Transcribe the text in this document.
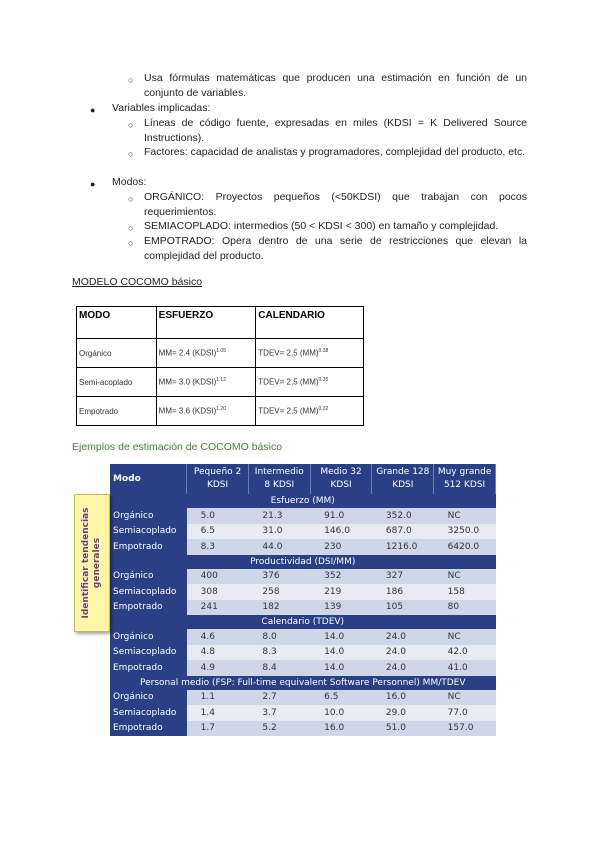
○ Usa fórmulas matemáticas que producen una estimación en función de un conjunto de variables.

● Variables implicadas:

○ Líneas de código fuente, expresadas en miles (KDSI = K Delivered Source Instructions).

○ Factores: capacidad de analistas y programadores, complejidad del producto, etc.

● Modos:

○ ORGÁNICO: Proyectos pequeños (<50KDSI) que trabajan con pocos requerimientos.

○ SEMIACOPLADO: intermedios (50 < KDSI < 300) en tamaño y complejidad.

○ EMPOTRADO: Opera dentro de una serie de restricciones que elevan la complejidad del producto.

MODELO COCOMO básico

MODO	ESFUERZO	CALENDARIO
Orgánico	MM= 2.4 (KDSI)$^{1.05}$	TDEV= 2,5 (MM)$^{0.38}$
Semi-acoplado	MM= 3.0 (KDSI)$^{1.12}$	TDEV= 2,5 (MM)$^{0.35}$
Empotrado	MM= 3.6 (KDSI)$^{1.20}$	TDEV= 2,5 (MM)$^{0.32}$

Ejemplos de estimación de COCOMO básico

Modo	Pequeño 2 KDSI	Intermedio 8 KDSI	Medio 32 KDSI	Grande 128 KDSI	Muy grande 512 KDSI
Esfuerzo (MM)					
Orgánico	5.0	21.3	91.0	352.0	NC
Semiacoplado	6.5	31.0	146.0	687.0	3250.0
Empotrado	8.3	44.0	230	1216.0	6420.0
Productividad (DSI/MM)					
Orgánico	400	376	352	327	NC
Semiacoplado	308	258	219	186	158
Empotrado	241	182	139	105	80
Calendario (TDEV)					
Orgánico	4.6	8.0	14.0	24.0	NC
Semiacoplado	4.8	8.3	14.0	24.0	42.0
Empotrado	4.9	8.4	14.0	24.0	41.0
Personal medio (FSP: Full-time equivalent Software Personnel) MM/TDEV					
Orgánico	1.1	2.7	6.5	16.0	NC
Semiacoplado	1.4	3.7	10.0	29.0	77.0
Empotrado	1.7	5.2	16.0	51.0	157.0
Identificar tendencias generales
